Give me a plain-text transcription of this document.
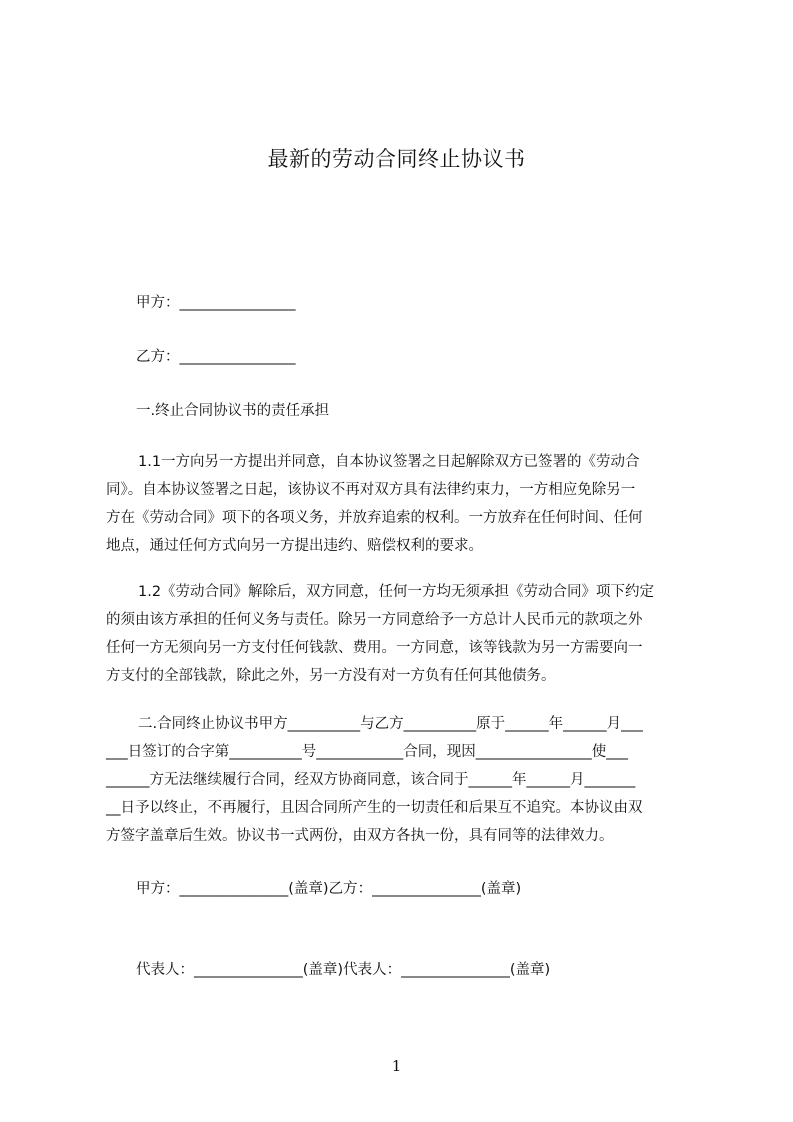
最新的劳动合同终止协议书
甲方：________________
乙方：________________
一.终止合同协议书的责任承担
1.1一方向另一方提出并同意，自本协议签署之日起解除双方已签署的《劳动合
同》。自本协议签署之日起，该协议不再对双方具有法律约束力，一方相应免除另一
方在《劳动合同》项下的各项义务，并放弃追索的权利。一方放弃在任何时间、任何
地点，通过任何方式向另一方提出违约、赔偿权利的要求。
1.2《劳动合同》解除后，双方同意，任何一方均无须承担《劳动合同》项下约定
的须由该方承担的任何义务与责任。除另一方同意给予一方总计人民币元的款项之外
任何一方无须向另一方支付任何钱款、费用。一方同意，该等钱款为另一方需要向一
方支付的全部钱款，除此之外，另一方没有对一方负有任何其他债务。
二.合同终止协议书甲方__________与乙方__________原于______年______月___
___日签订的合字第__________号____________合同，现因________________使___
______方无法继续履行合同，经双方协商同意，该合同于______年______月_______
__日予以终止，不再履行，且因合同所产生的一切责任和后果互不追究。本协议由双
方签字盖章后生效。协议书一式两份，由双方各执一份，具有同等的法律效力。
甲方：_______________(盖章)乙方：_______________(盖章)
代表人：_______________(盖章)代表人：_______________(盖章)
1
